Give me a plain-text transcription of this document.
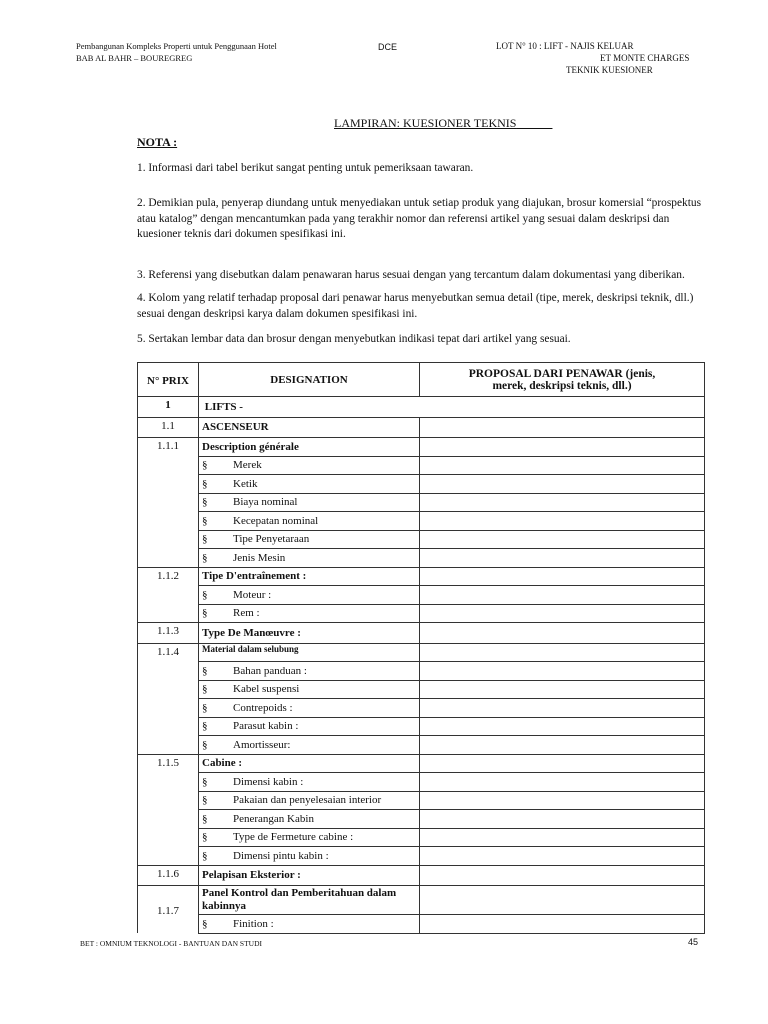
Pembangunan Kompleks Properti untuk Penggunaan Hotel
BAB AL BAHR – BOUREGREG
DCE	LOT N° 10 : LIFT - NAJIS KELUAR
ET MONTE CHARGES
TEKNIK KUESIONER
LAMPIRAN: KUESIONER TEKNIS
NOTA :
1. Informasi dari tabel berikut sangat penting untuk pemeriksaan tawaran.
2. Demikian pula, penyerap diundang untuk menyediakan untuk setiap produk yang diajukan, brosur komersial “prospektus atau katalog” dengan mencantumkan pada yang terakhir nomor dan referensi artikel yang sesuai dalam deskripsi dan kuesioner teknis dari dokumen spesifikasi ini.
3. Referensi yang disebutkan dalam penawaran harus sesuai dengan yang tercantum dalam dokumentasi yang diberikan.
4. Kolom yang relatif terhadap proposal dari penawar harus menyebutkan semua detail (tipe, merek, deskripsi teknik, dll.) sesuai dengan deskripsi karya dalam dokumen spesifikasi ini.
5. Sertakan lembar data dan brosur dengan menyebutkan indikasi tepat dari artikel yang sesuai.
N° PRIX	DESIGNATION	PROPOSAL DARI PENAWAR (jenis,
merek, deskripsi teknis, dll.)

1	LIFTS -	
1.1	ASCENSEUR	
1.1.1	Description générale	
	§ Merek	
	§ Ketik	
	§ Biaya nominal	
	§ Kecepatan nominal	
	§ Tipe Penyetaraan	
	§ Jenis Mesin	
1.1.2	Tipe D'entraînement :	
	§ Moteur :	
	§ Rem :	
1.1.3	Type De Manœuvre :	
1.1.4	Material dalam selubung	
	§ Bahan panduan :	
	§ Kabel suspensi	
	§ Contrepoids :	
	§ Parasut kabin :	
	§ Amortisseur:	
1.1.5	Cabine :	
	§ Dimensi kabin :	
	§ Pakaian dan penyelesaian interior	
	§ Penerangan Kabin	
	§ Type de Fermeture cabine :	
	§ Dimensi pintu kabin :	
1.1.6	Pelapisan Eksterior :	
1.1.7	Panel Kontrol dan Pemberitahuan dalam kabinnya	
	§ Finition :	
BET : OMNIUM TEKNOLOGI - BANTUAN DAN STUDI	45
